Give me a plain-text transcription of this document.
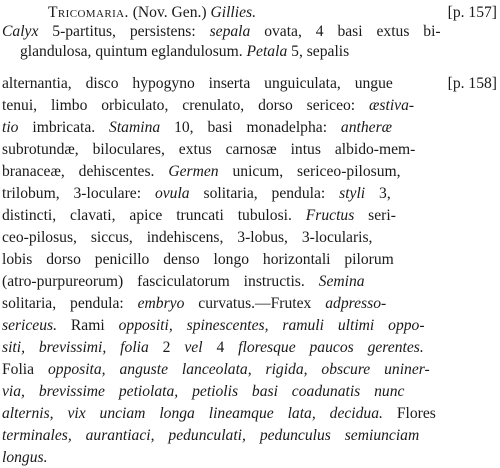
Tricomaria. (Nov. Gen.) Gillies.	[p. 157]
Calyx 5-partitus, persistens: sepala ovata, 4 basi extus bi-
glandulosa, quintum eglandulosum. Petala 5, sepalis
alternantia, disco hypogyno inserta unguiculata, ungue	[p. 158]
tenui, limbo orbiculato, crenulato, dorso sericeo: æstiva-
tio imbricata. Stamina 10, basi monadelpha: antheræ
subrotundæ, biloculares, extus carnosæ intus albido-mem-
branaceæ, dehiscentes. Germen unicum, sericeo-pilosum,
trilobum, 3-loculare: ovula solitaria, pendula: styli 3,
distincti, clavati, apice truncati tubulosi. Fructus seri-
ceo-pilosus, siccus, indehiscens, 3-lobus, 3-locularis,
lobis dorso penicillo denso longo horizontali pilorum
(atro-purpureorum) fasciculatorum instructis. Semina
solitaria, pendula: embryo curvatus.—Frutex adpresso-
sericeus. Rami oppositi, spinescentes, ramuli ultimi oppo-
siti, brevissimi, folia 2 vel 4 floresque paucos gerentes.
Folia opposita, anguste lanceolata, rigida, obscure uniner-
via, brevissime petiolata, petiolis basi coadunatis nunc
alternis, vix unciam longa lineamque lata, decidua. Flores
terminales, aurantiaci, pedunculati, pedunculus semiunciam
longus.
